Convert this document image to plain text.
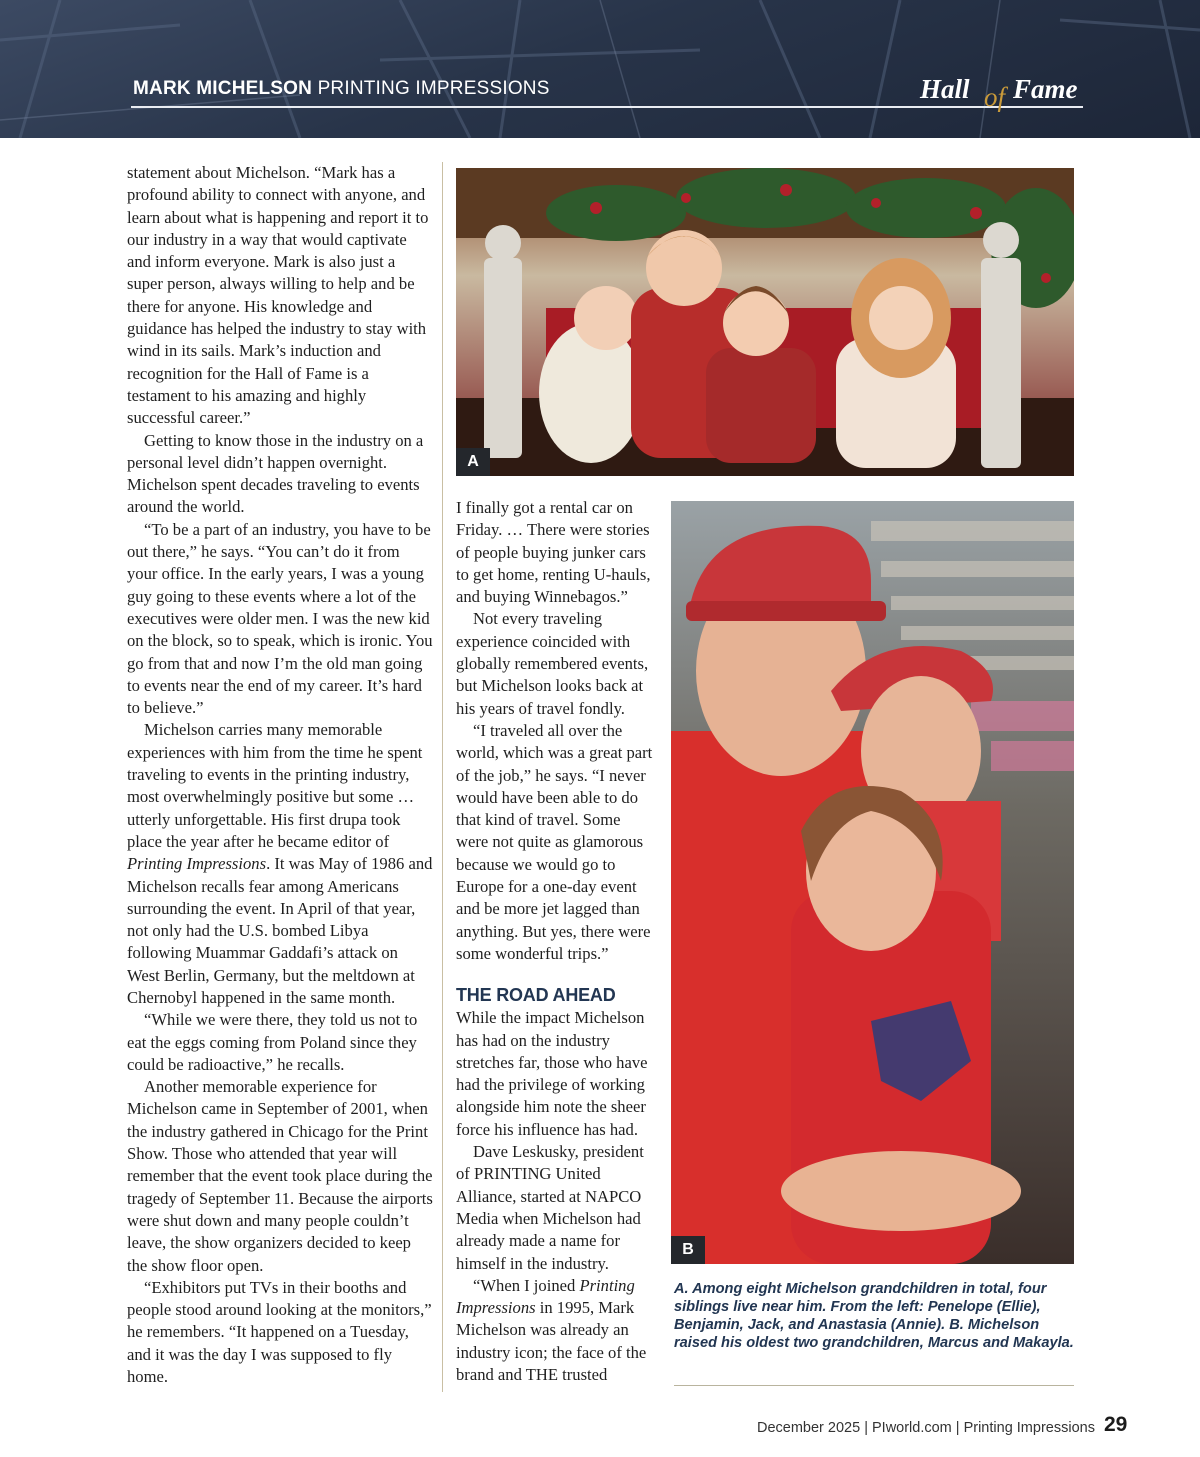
MARK MICHELSON PRINTING IMPRESSIONS	Hall of Fame

statement about Michelson. “Mark has a profound ability to connect with anyone, and learn about what is happening and report it to our industry in a way that would captivate and inform everyone. Mark is also just a super person, always willing to help and be there for anyone. His knowledge and guidance has helped the industry to stay with wind in its sails. Mark’s induction and recognition for the Hall of Fame is a testament to his amazing and highly successful career.”

Getting to know those in the industry on a personal level didn’t happen overnight. Michelson spent decades traveling to events around the world.

“To be a part of an industry, you have to be out there,” he says. “You can’t do it from your office. In the early years, I was a young guy going to these events where a lot of the executives were older men. I was the new kid on the block, so to speak, which is ironic. You go from that and now I’m the old man going to events near the end of my career. It’s hard to believe.”

Michelson carries many memorable experiences with him from the time he spent traveling to events in the printing industry, most overwhelmingly positive but some … utterly unforgettable. His first drupa took place the year after he became editor of Printing Impressions. It was May of 1986 and Michelson recalls fear among Americans surrounding the event. In April of that year, not only had the U.S. bombed Libya following Muammar Gaddafi’s attack on West Berlin, Germany, but the meltdown at Chernobyl happened in the same month.

“While we were there, they told us not to eat the eggs coming from Poland since they could be radioactive,” he recalls.

Another memorable experience for Michelson came in September of 2001, when the industry gathered in Chicago for the Print Show. Those who attended that year will remember that the event took place during the tragedy of September 11. Because the airports were shut down and many people couldn’t leave, the show organizers decided to keep the show floor open.

“Exhibitors put TVs in their booths and people stood around looking at the monitors,” he remembers. “It happened on a Tuesday, and it was the day I was supposed to fly home.

A

I finally got a rental car on Friday. … There were stories of people buying junker cars to get home, renting U-hauls, and buying Winnebagos.”

Not every traveling experience coincided with globally remembered events, but Michelson looks back at his years of travel fondly.

“I traveled all over the world, which was a great part of the job,” he says. “I never would have been able to do that kind of travel. Some were not quite as glamorous because we would go to Europe for a one-day event and be more jet lagged than anything. But yes, there were some wonderful trips.”

THE ROAD AHEAD

While the impact Michelson has had on the industry stretches far, those who have had the privilege of working alongside him note the sheer force his influence has had.

Dave Leskusky, president of PRINTING United Alliance, started at NAPCO Media when Michelson had already made a name for himself in the industry.

“When I joined Printing Impressions in 1995, Mark Michelson was already an industry icon; the face of the brand and THE trusted

B
A. Among eight Michelson grandchildren in total, four siblings live near him. From the left: Penelope (Ellie), Benjamin, Jack, and Anastasia (Annie). B. Michelson raised his oldest two grandchildren, Marcus and Makayla.
December 2025 | PIworld.com | Printing Impressions 29
